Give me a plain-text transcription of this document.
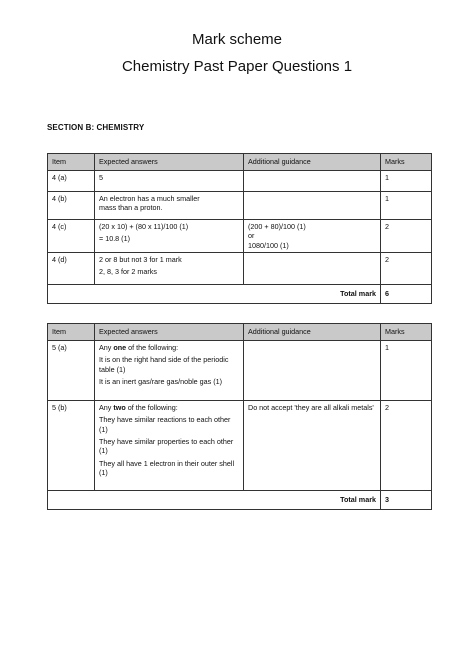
Mark scheme
Chemistry Past Paper Questions 1
SECTION B: CHEMISTRY
Item	Expected answers	Additional guidance	Marks
4 (a)	5		1
4 (b)	An electron has a much smaller
mass than a proton.		1
4 (c)	(20 x 10) + (80 x 11)/100 (1)
= 10.8 (1)	(200 + 80)/100 (1)
or
1080/100 (1)	2
4 (d)	2 or 8 but not 3 for 1 mark
2, 8, 3 for 2 marks		2
Total mark			6
Item	Expected answers	Additional guidance	Marks
5 (a)	Any one of the following:
It is on the right hand side of the periodic table (1)
It is an inert gas/rare gas/noble gas (1)		1
5 (b)	Any two of the following:
They have similar reactions to each other (1)
They have similar properties to each other (1)
They all have 1 electron in their outer shell (1)	Do not accept 'they are all alkali metals'	2
Total mark			3
